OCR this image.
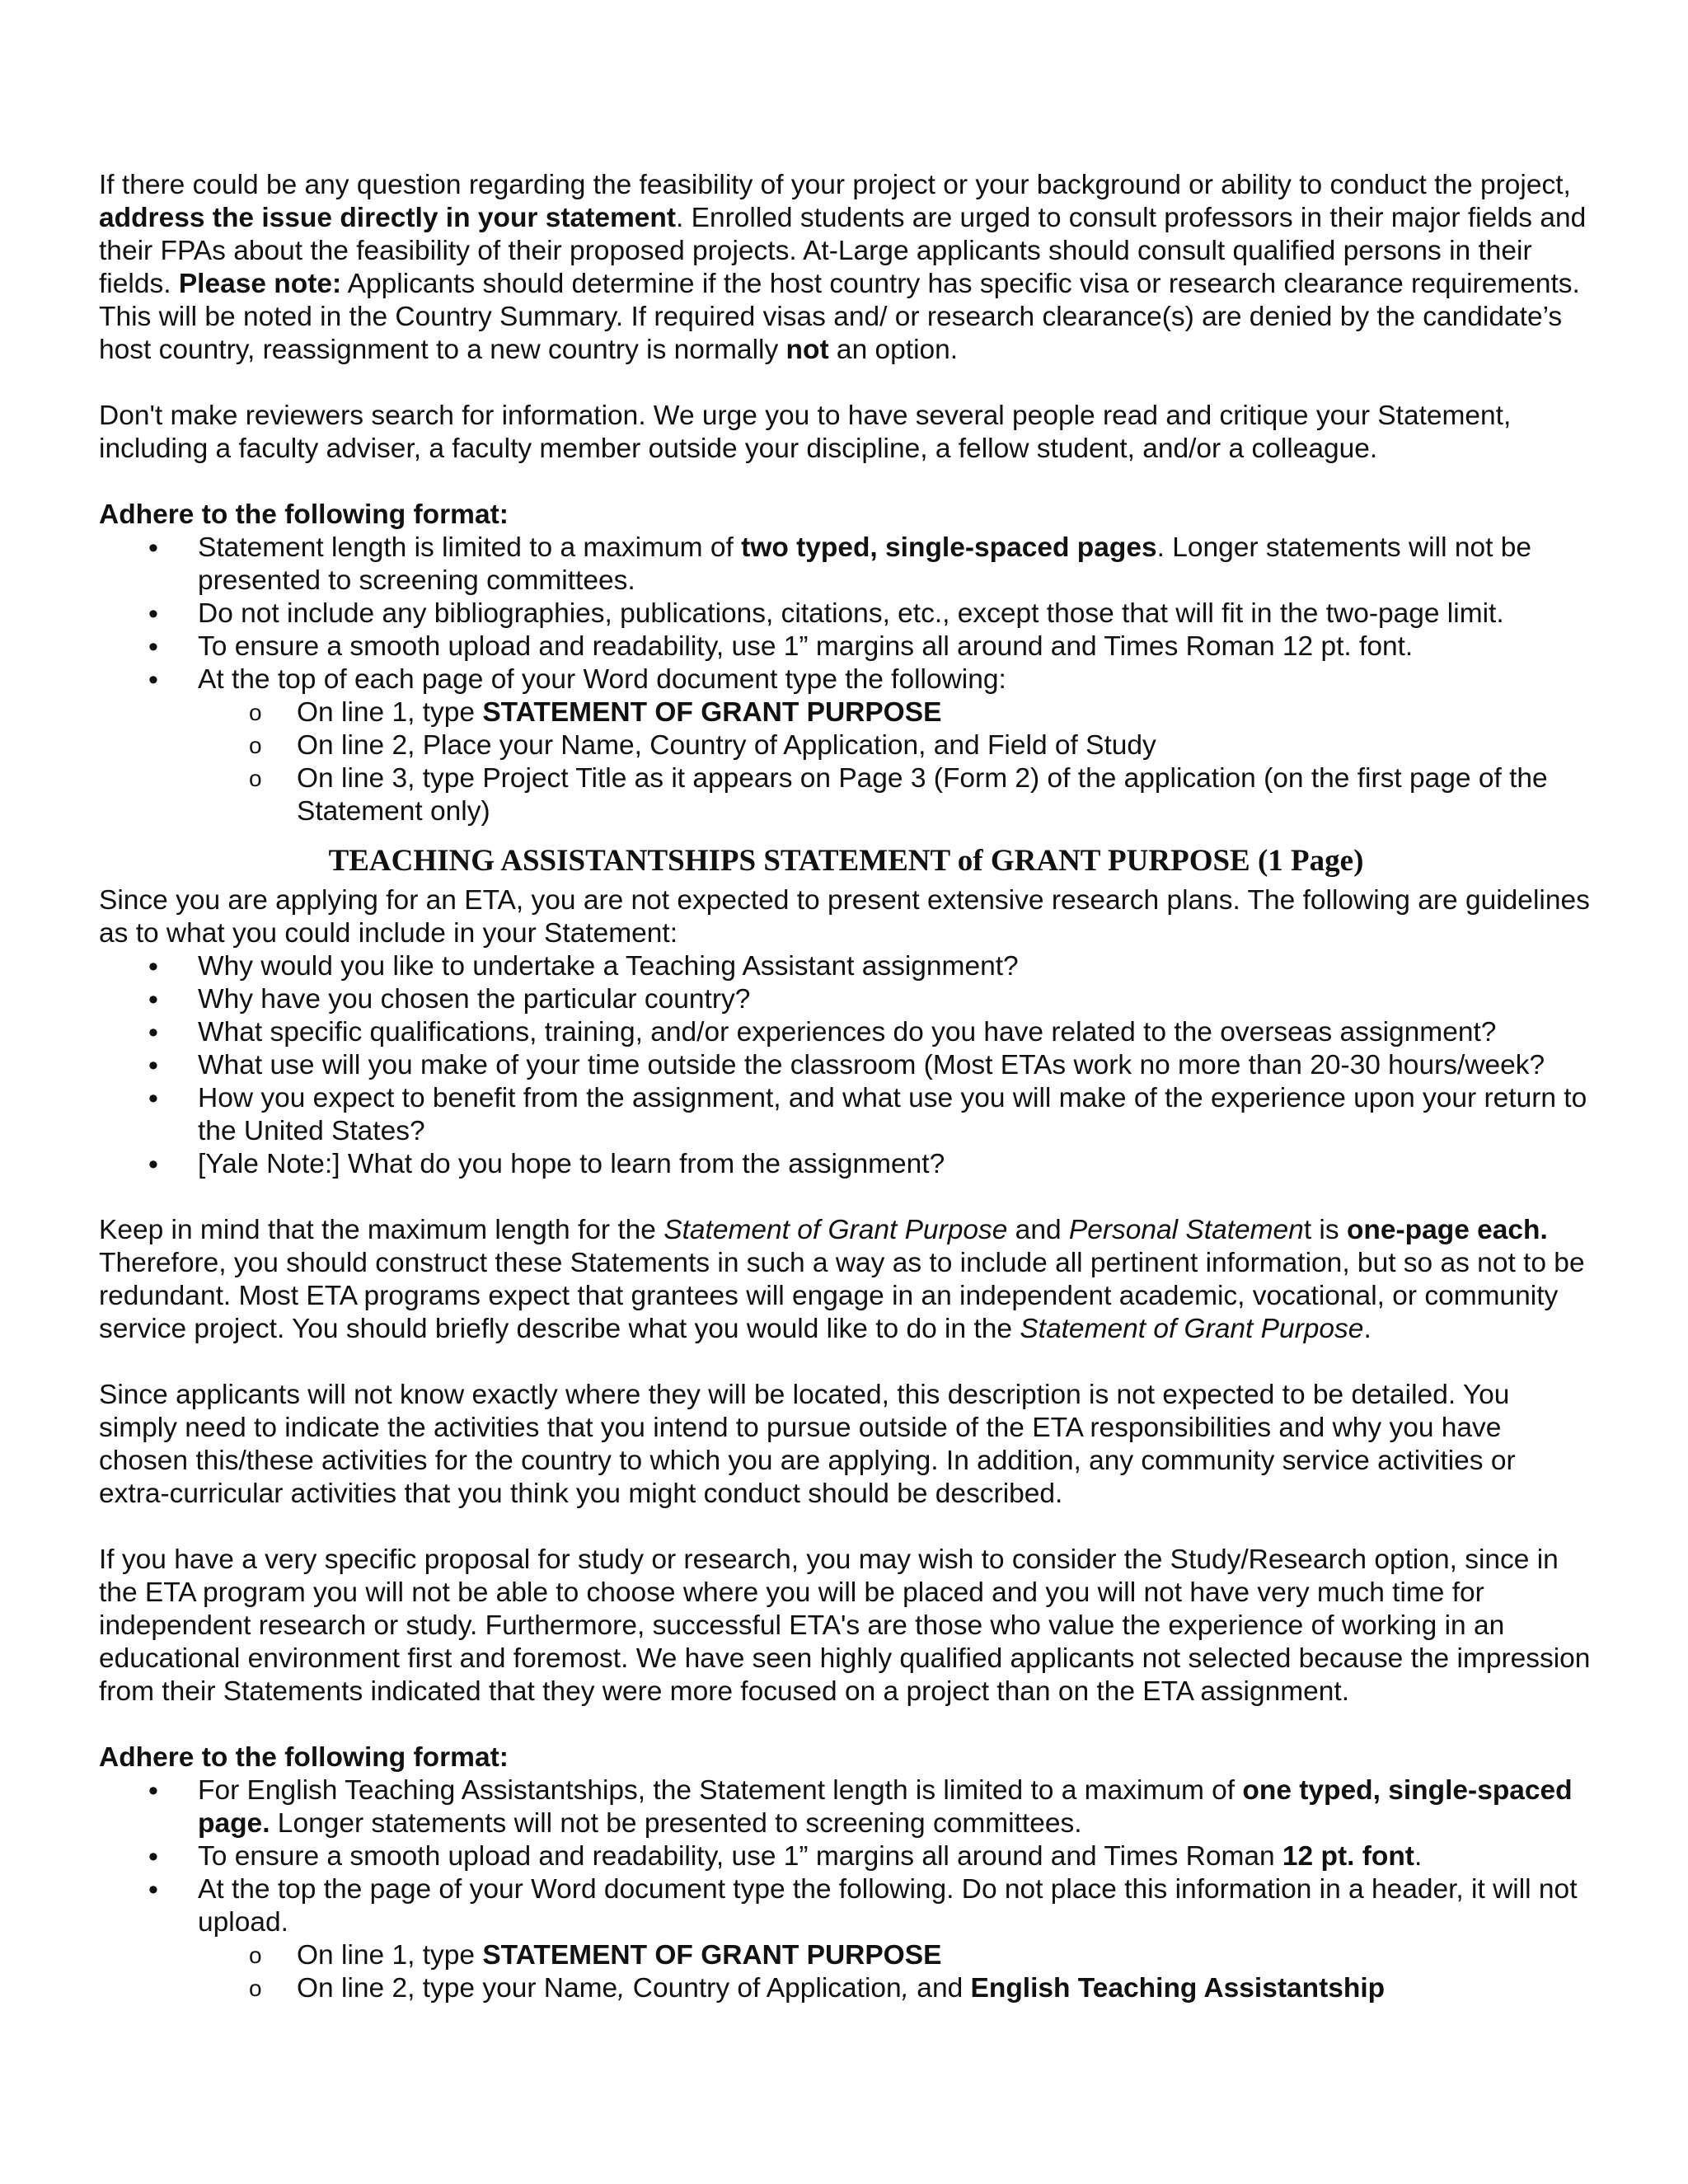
If there could be any question regarding the feasibility of your project or your background or ability to conduct the project, address the issue directly in your statement. Enrolled students are urged to consult professors in their major fields and their FPAs about the feasibility of their proposed projects. At-Large applicants should consult qualified persons in their fields. Please note: Applicants should determine if the host country has specific visa or research clearance requirements. This will be noted in the Country Summary. If required visas and/ or research clearance(s) are denied by the candidate’s host country, reassignment to a new country is normally not an option.

Don't make reviewers search for information. We urge you to have several people read and critique your Statement, including a faculty adviser, a faculty member outside your discipline, a fellow student, and/or a colleague.

Adhere to the following format:

• Statement length is limited to a maximum of two typed, single-spaced pages. Longer statements will not be presented to screening committees.
• Do not include any bibliographies, publications, citations, etc., except those that will fit in the two-page limit.
• To ensure a smooth upload and readability, use 1” margins all around and Times Roman 12 pt. font.
• At the top of each page of your Word document type the following:
o On line 1, type STATEMENT OF GRANT PURPOSE
o On line 2, Place your Name, Country of Application, and Field of Study
o On line 3, type Project Title as it appears on Page 3 (Form 2) of the application (on the first page of the Statement only)
TEACHING ASSISTANTSHIPS STATEMENT of GRANT PURPOSE (1 Page)

Since you are applying for an ETA, you are not expected to present extensive research plans. The following are guidelines as to what you could include in your Statement:

• Why would you like to undertake a Teaching Assistant assignment?
• Why have you chosen the particular country?
• What specific qualifications, training, and/or experiences do you have related to the overseas assignment?
• What use will you make of your time outside the classroom (Most ETAs work no more than 20-30 hours/week?
• How you expect to benefit from the assignment, and what use you will make of the experience upon your return to the United States?
• [Yale Note:] What do you hope to learn from the assignment?

Keep in mind that the maximum length for the Statement of Grant Purpose and Personal Statement is one-page each. Therefore, you should construct these Statements in such a way as to include all pertinent information, but so as not to be redundant. Most ETA programs expect that grantees will engage in an independent academic, vocational, or community service project. You should briefly describe what you would like to do in the Statement of Grant Purpose.

Since applicants will not know exactly where they will be located, this description is not expected to be detailed. You simply need to indicate the activities that you intend to pursue outside of the ETA responsibilities and why you have chosen this/these activities for the country to which you are applying. In addition, any community service activities or extra-curricular activities that you think you might conduct should be described.

If you have a very specific proposal for study or research, you may wish to consider the Study/Research option, since in the ETA program you will not be able to choose where you will be placed and you will not have very much time for independent research or study. Furthermore, successful ETA's are those who value the experience of working in an educational environment first and foremost. We have seen highly qualified applicants not selected because the impression from their Statements indicated that they were more focused on a project than on the ETA assignment.

Adhere to the following format:

• For English Teaching Assistantships, the Statement length is limited to a maximum of one typed, single-spaced page. Longer statements will not be presented to screening committees.
• To ensure a smooth upload and readability, use 1” margins all around and Times Roman 12 pt. font.
• At the top the page of your Word document type the following. Do not place this information in a header, it will not upload.
o On line 1, type STATEMENT OF GRANT PURPOSE
o On line 2, type your Name, Country of Application, and English Teaching Assistantship
